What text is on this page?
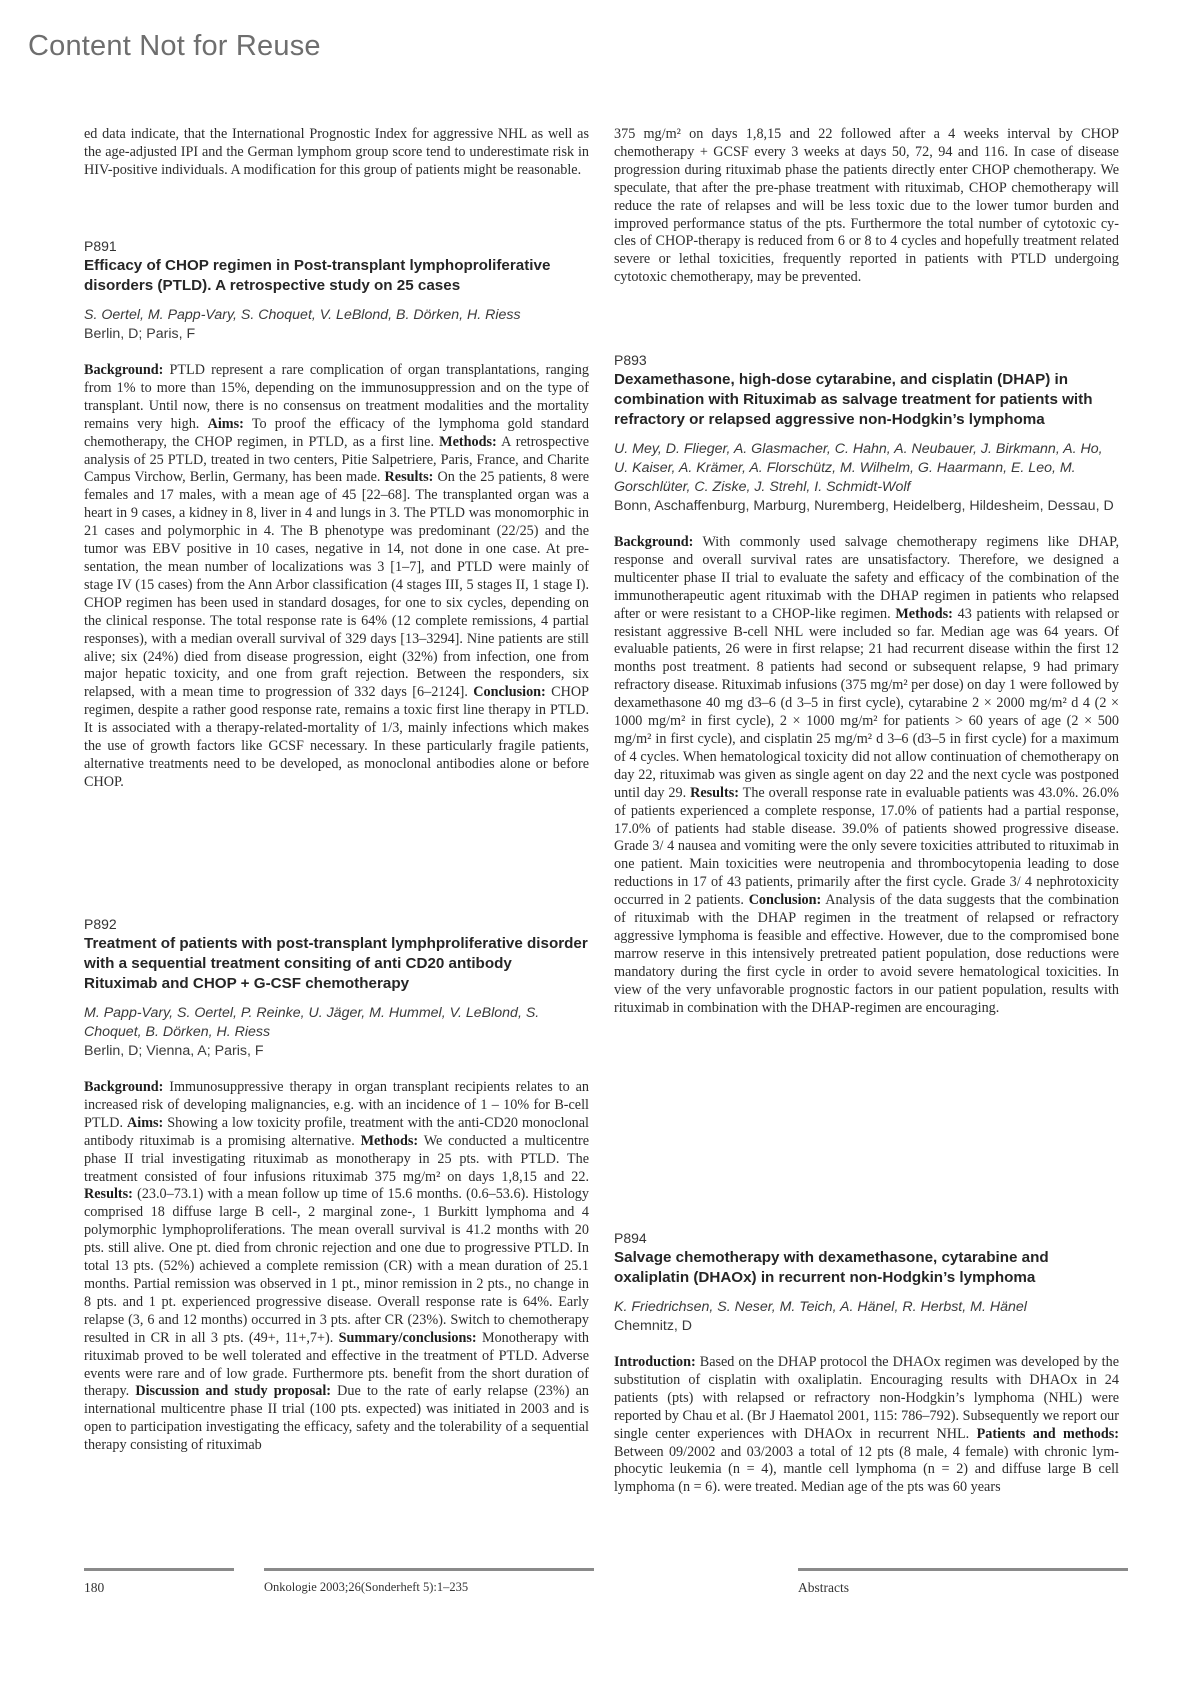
Content Not for Reuse

ed data indicate, that the International Prognostic Index for aggressive NHL as well as the age-adjusted IPI and the German lymphom group score tend to underestimate risk in HIV-positive individuals. A modification for this group of patients might be reasonable.

P891

Efficacy of CHOP regimen in Post-transplant lymphoproliferative disorders (PTLD). A retrospective study on 25 cases

S. Oertel, M. Papp-Vary, S. Choquet, V. LeBlond, B. Dörken, H. Riess

Berlin, D; Paris, F

Background: PTLD represent a rare complication of organ transplantations, ranging from 1% to more than 15%, depending on the immunosuppression and on the type of transplant. Until now, there is no consensus on treatment modalities and the mortality remains very high. Aims: To proof the efficacy of the lymphoma gold standard chemotherapy, the CHOP regimen, in PTLD, as a first line. Methods: A retrospective analysis of 25 PTLD, treated in two centers, Pitie Salpetriere, Paris, France, and Charite Campus Virchow, Berlin, Germany, has been made. Results: On the 25 patients, 8 were females and 17 males, with a mean age of 45 [22–68]. The transplanted organ was a heart in 9 cases, a kidney in 8, liver in 4 and lungs in 3. The PTLD was monomorphic in 21 cases and polymorphic in 4. The B phenotype was predominant (22/25) and the tumor was EBV positive in 10 cases, negative in 14, not done in one case. At presentation, the mean number of localizations was 3 [1–7], and PTLD were mainly of stage IV (15 cases) from the Ann Arbor classification (4 stages III, 5 stages II, 1 stage I). CHOP regimen has been used in standard dosages, for one to six cycles, depending on the clinical response. The total response rate is 64% (12 complete remissions, 4 partial responses), with a median overall survival of 329 days [13–3294]. Nine patients are still alive; six (24%) died from disease progression, eight (32%) from infection, one from major hepatic toxicity, and one from graft rejection. Between the responders, six relapsed, with a mean time to progression of 332 days [6–2124]. Conclusion: CHOP regimen, despite a rather good response rate, remains a toxic first line therapy in PTLD. It is associated with a therapy-related-mortality of 1/3, mainly infections which makes the use of growth factors like GCSF necessary. In these particularly fragile patients, alternative treatments need to be developed, as monoclonal antibodies alone or before CHOP.

P892

Treatment of patients with post-transplant lymphproliferative disorder with a sequential treatment consiting of anti CD20 antibody Rituximab and CHOP + G-CSF chemotherapy

M. Papp-Vary, S. Oertel, P. Reinke, U. Jäger, M. Hummel, V. LeBlond, S. Choquet, B. Dörken, H. Riess

Berlin, D; Vienna, A; Paris, F

Background: Immunosuppressive therapy in organ transplant recipients relates to an increased risk of developing malignancies, e.g. with an incidence of 1 – 10% for B-cell PTLD. Aims: Showing a low toxicity profile, treatment with the anti-CD20 monoclonal antibody rituximab is a promising alternative. Methods: We conducted a multicentre phase II trial investigating rituximab as monotherapy in 25 pts. with PTLD. The treatment consisted of four infusions rituximab 375 mg/m² on days 1,8,15 and 22. Results: (23.0–73.1) with a mean follow up time of 15.6 months. (0.6–53.6). Histology comprised 18 diffuse large B cell-, 2 marginal zone-, 1 Burkitt lymphoma and 4 polymorphic lymphoproliferations. The mean overall survival is 41.2 months with 20 pts. still alive. One pt. died from chronic rejection and one due to progressive PTLD. In total 13 pts. (52%) achieved a complete remission (CR) with a mean duration of 25.1 months. Partial remission was observed in 1 pt., minor remission in 2 pts., no change in 8 pts. and 1 pt. experienced progressive disease. Overall response rate is 64%. Early relapse (3, 6 and 12 months) occurred in 3 pts. after CR (23%). Switch to chemotherapy resulted in CR in all 3 pts. (49+, 11+,7+). Summary/conclusions: Monotherapy with rituximab proved to be well tolerated and effective in the treatment of PTLD. Adverse events were rare and of low grade. Furthermore pts. benefit from the short duration of therapy. Discussion and study proposal: Due to the rate of early relapse (23%) an international multicentre phase II trial (100 pts. expected) was initiated in 2003 and is open to participation investigating the efficacy, safety and the tolerability of a sequential therapy consisting of rituximab

375 mg/m² on days 1,8,15 and 22 followed after a 4 weeks interval by CHOP chemotherapy + GCSF every 3 weeks at days 50, 72, 94 and 116. In case of disease progression during rituximab phase the patients directly enter CHOP chemotherapy. We speculate, that after the pre-phase treatment with rituximab, CHOP chemotherapy will reduce the rate of relapses and will be less toxic due to the lower tumor burden and improved performance status of the pts. Furthermore the total number of cytotoxic cycles of CHOP-therapy is reduced from 6 or 8 to 4 cycles and hopefully treatment related severe or lethal toxicities, frequently reported in patients with PTLD undergoing cytotoxic chemotherapy, may be prevented.

P893

Dexamethasone, high-dose cytarabine, and cisplatin (DHAP) in combination with Rituximab as salvage treatment for patients with refractory or relapsed aggressive non-Hodgkin’s lymphoma

U. Mey, D. Flieger, A. Glasmacher, C. Hahn, A. Neubauer, J. Birkmann, A. Ho, U. Kaiser, A. Krämer, A. Florschütz, M. Wilhelm, G. Haarmann, E. Leo, M. Gorschlüter, C. Ziske, J. Strehl, I. Schmidt-Wolf

Bonn, Aschaffenburg, Marburg, Nuremberg, Heidelberg, Hildesheim, Dessau, D

Background: With commonly used salvage chemotherapy regimens like DHAP, response and overall survival rates are unsatisfactory. Therefore, we designed a multicenter phase II trial to evaluate the safety and efficacy of the combination of the immunotherapeutic agent rituximab with the DHAP regimen in patients who relapsed after or were resistant to a CHOP-like regimen. Methods: 43 patients with relapsed or resistant aggressive B-cell NHL were included so far. Median age was 64 years. Of evaluable patients, 26 were in first relapse; 21 had recurrent disease within the first 12 months post treatment. 8 patients had second or subsequent relapse, 9 had primary refractory disease. Rituximab infusions (375 mg/m² per dose) on day 1 were followed by dexamethasone 40 mg d3–6 (d 3–5 in first cycle), cytarabine 2 × 2000 mg/m² d 4 (2 × 1000 mg/m² in first cycle), 2 × 1000 mg/m² for patients > 60 years of age (2 × 500 mg/m² in first cycle), and cisplatin 25 mg/m² d 3–6 (d3–5 in first cycle) for a maximum of 4 cycles. When hematological toxicity did not allow continuation of chemotherapy on day 22, rituximab was given as single agent on day 22 and the next cycle was postponed until day 29. Results: The overall response rate in evaluable patients was 43.0%. 26.0% of patients experienced a complete response, 17.0% of patients had a partial response, 17.0% of patients had stable disease. 39.0% of patients showed progressive disease. Grade 3/ 4 nausea and vomiting were the only severe toxicities attributed to rituximab in one patient. Main toxicities were neutropenia and thrombocytopenia leading to dose reductions in 17 of 43 patients, primarily after the first cycle. Grade 3/ 4 nephrotoxicity occurred in 2 patients. Conclusion: Analysis of the data suggests that the combination of rituximab with the DHAP regimen in the treatment of relapsed or refractory aggressive lymphoma is feasible and effective. However, due to the compromised bone marrow reserve in this intensively pretreated patient population, dose reductions were mandatory during the first cycle in order to avoid severe hematological toxicities. In view of the very unfavorable prognostic factors in our patient population, results with rituximab in combination with the DHAP-regimen are encouraging.

P894

Salvage chemotherapy with dexamethasone, cytarabine and oxaliplatin (DHAOx) in recurrent non-Hodgkin’s lymphoma

K. Friedrichsen, S. Neser, M. Teich, A. Hänel, R. Herbst, M. Hänel

Chemnitz, D

Introduction: Based on the DHAP protocol the DHAOx regimen was developed by the substitution of cisplatin with oxaliplatin. Encouraging results with DHAOx in 24 patients (pts) with relapsed or refractory non-Hodgkin’s lymphoma (NHL) were reported by Chau et al. (Br J Haematol 2001, 115: 786–792). Subsequently we report our single center experiences with DHAOx in recurrent NHL. Patients and methods: Between 09/2002 and 03/2003 a total of 12 pts (8 male, 4 female) with chronic lymphocytic leukemia (n = 4), mantle cell lymphoma (n = 2) and diffuse large B cell lymphoma (n = 6). were treated. Median age of the pts was 60 years

180	Onkologie 2003;26(Sonderheft 5):1–235	Abstracts
